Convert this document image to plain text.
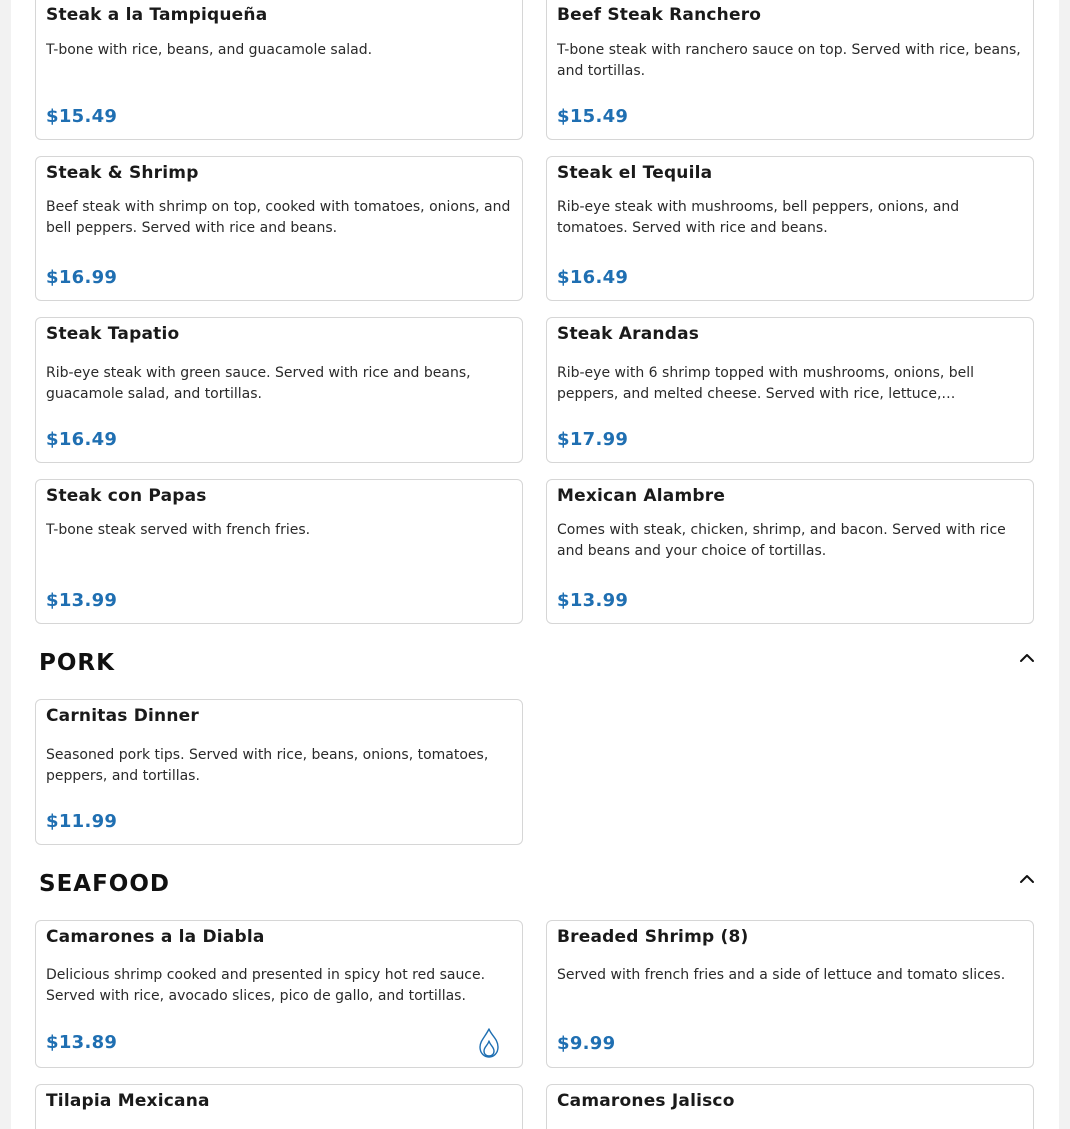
Steak a la Tampiqueña
T-bone with rice, beans, and guacamole salad.
$15.49
Beef Steak Ranchero
T-bone steak with ranchero sauce on top. Served with rice, beans, and tortillas.
$15.49
Steak & Shrimp
Beef steak with shrimp on top, cooked with tomatoes, onions, and bell peppers. Served with rice and beans.
$16.99
Steak el Tequila
Rib-eye steak with mushrooms, bell peppers, onions, and tomatoes. Served with rice and beans.
$16.49
Steak Tapatio
Rib-eye steak with green sauce. Served with rice and beans, guacamole salad, and tortillas.
$16.49
Steak Arandas
Rib-eye with 6 shrimp topped with mushrooms, onions, bell peppers, and melted cheese. Served with rice, lettuce,…
$17.99
Steak con Papas
T-bone steak served with french fries.
$13.99
Mexican Alambre
Comes with steak, chicken, shrimp, and bacon. Served with rice and beans and your choice of tortillas.
$13.99
PORK
Carnitas Dinner
Seasoned pork tips. Served with rice, beans, onions, tomatoes, peppers, and tortillas.
$11.99
SEAFOOD
Camarones a la Diabla
Delicious shrimp cooked and presented in spicy hot red sauce. Served with rice, avocado slices, pico de gallo, and tortillas.
$13.89
Breaded Shrimp (8)
Served with french fries and a side of lettuce and tomato slices.
$9.99
Tilapia Mexicana	Camarones Jalisco
